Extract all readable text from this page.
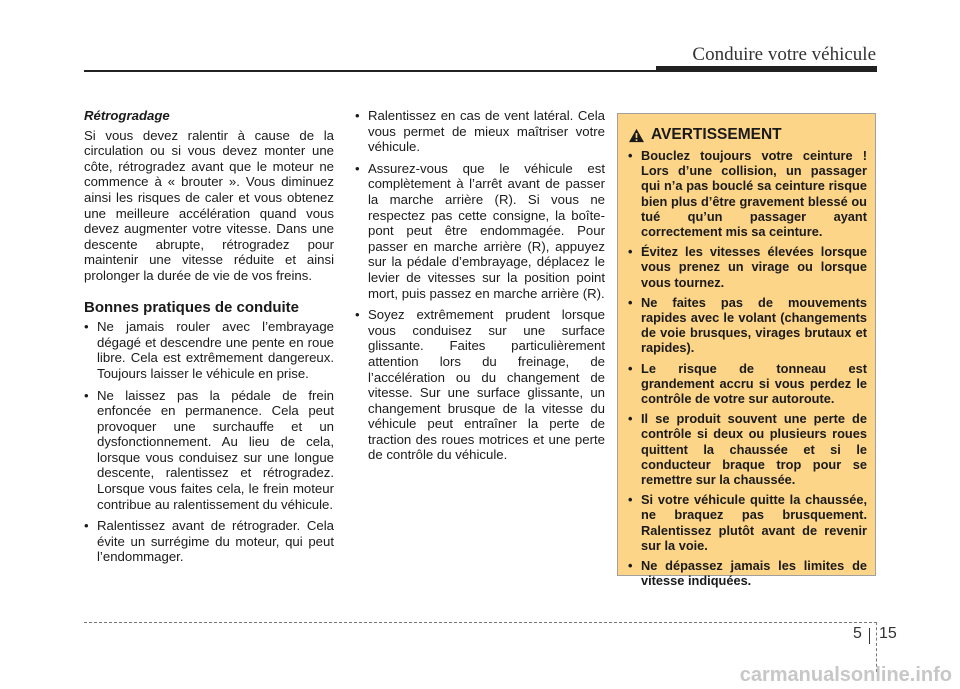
Conduire votre véhicule

Rétrogradage

Si vous devez ralentir à cause de la circulation ou si vous devez monter une côte, rétrogradez avant que le moteur ne commence à « brouter ». Vous diminuez ainsi les risques de caler et vous obtenez une meilleure accélération quand vous devez augmenter votre vitesse. Dans une descente abrupte, rétrogradez pour maintenir une vitesse réduite et ainsi prolonger la durée de vie de vos freins.

Bonnes pratiques de conduite
• Ne jamais rouler avec l’embrayage dégagé et descendre une pente en roue libre. Cela est extrêmement dangereux. Toujours laisser le véhicule en prise.
• Ne laissez pas la pédale de frein enfoncée en permanence. Cela peut provoquer une surchauffe et un dysfonctionnement. Au lieu de cela, lorsque vous conduisez sur une longue descente, ralentissez et rétrogradez. Lorsque vous faites cela, le frein moteur contribue au ralentissement du véhicule.
• Ralentissez avant de rétrograder. Cela évite un surrégime du moteur, qui peut l’endommager.
• Ralentissez en cas de vent latéral. Cela vous permet de mieux maîtriser votre véhicule.
• Assurez-vous que le véhicule est complètement à l’arrêt avant de passer la marche arrière (R). Si vous ne respectez pas cette consigne, la boîte-pont peut être endommagée. Pour passer en marche arrière (R), appuyez sur la pédale d’embrayage, déplacez le levier de vitesses sur la position point mort, puis passez en marche arrière (R).
• Soyez extrêmement prudent lorsque vous conduisez sur une surface glissante. Faites particulièrement attention lors du freinage, de l’accélération ou du changement de vitesse. Sur une surface glissante, un changement brusque de la vitesse du véhicule peut entraîner la perte de traction des roues motrices et une perte de contrôle du véhicule.
AVERTISSEMENT
• Bouclez toujours votre ceinture ! Lors d’une collision, un passager qui n’a pas bouclé sa ceinture risque bien plus d’être gravement blessé ou tué qu’un passager ayant correctement mis sa ceinture.
• Évitez les vitesses élevées lorsque vous prenez un virage ou lorsque vous tournez.
• Ne faites pas de mouvements rapides avec le volant (changements de voie brusques, virages brutaux et rapides).
• Le risque de tonneau est grandement accru si vous perdez le contrôle de votre sur autoroute.
• Il se produit souvent une perte de contrôle si deux ou plusieurs roues quittent la chaussée et si le conducteur braque trop pour se remettre sur la chaussée.
• Si votre véhicule quitte la chaussée, ne braquez pas brusquement. Ralentissez plutôt avant de revenir sur la voie.
• Ne dépassez jamais les limites de vitesse indiquées.
5 15
carmanualsonline.info
